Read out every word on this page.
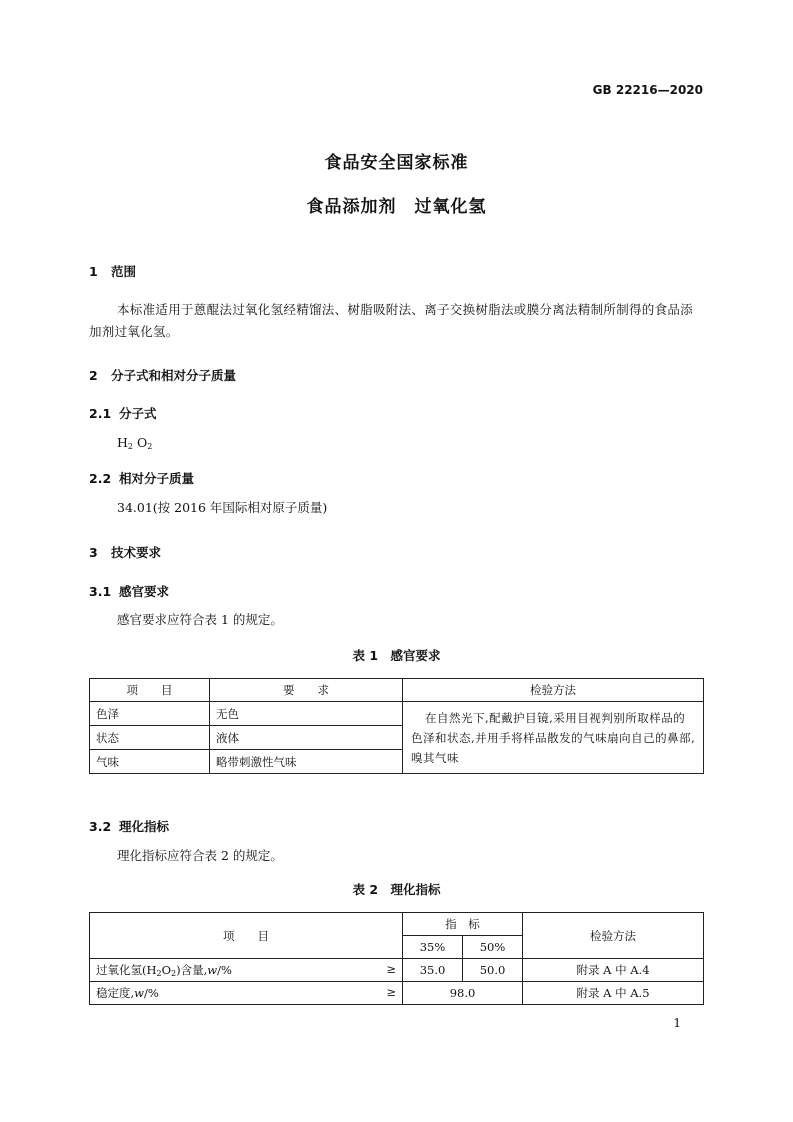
GB 22216—2020
食品安全国家标准
食品添加剂　过氧化氢
1 范围
本标准适用于蒽醌法过氧化氢经精馏法、树脂吸附法、离子交换树脂法或膜分离法精制所制得的食品添加剂过氧化氢。
2 分子式和相对分子质量
2.1 分子式
$H_2$ $O_2$
2.2 相对分子质量
34.01(按 2016 年国际相对原子质量)
3 技术要求
3.1 感官要求
感官要求应符合表 1 的规定。
表 1　感官要求
项　　目	要　　求	检验方法
色泽	无色	在自然光下,配戴护目镜,采用目视判别所取样品的色泽和状态,并用手将样品散发的气味扇向自己的鼻部,嗅其气味
状态	液体	
气味	略带刺激性气味	
3.2 理化指标
理化指标应符合表 2 的规定。
表 2　理化指标
项　　目	指　标		检验方法
	35%	50%	
过氧化氢$(H_2O_2)$含量,w/% ≥	35.0	50.0	附录 A 中 A.4
稳定度,w/% ≥	98.0		附录 A 中 A.5
1
